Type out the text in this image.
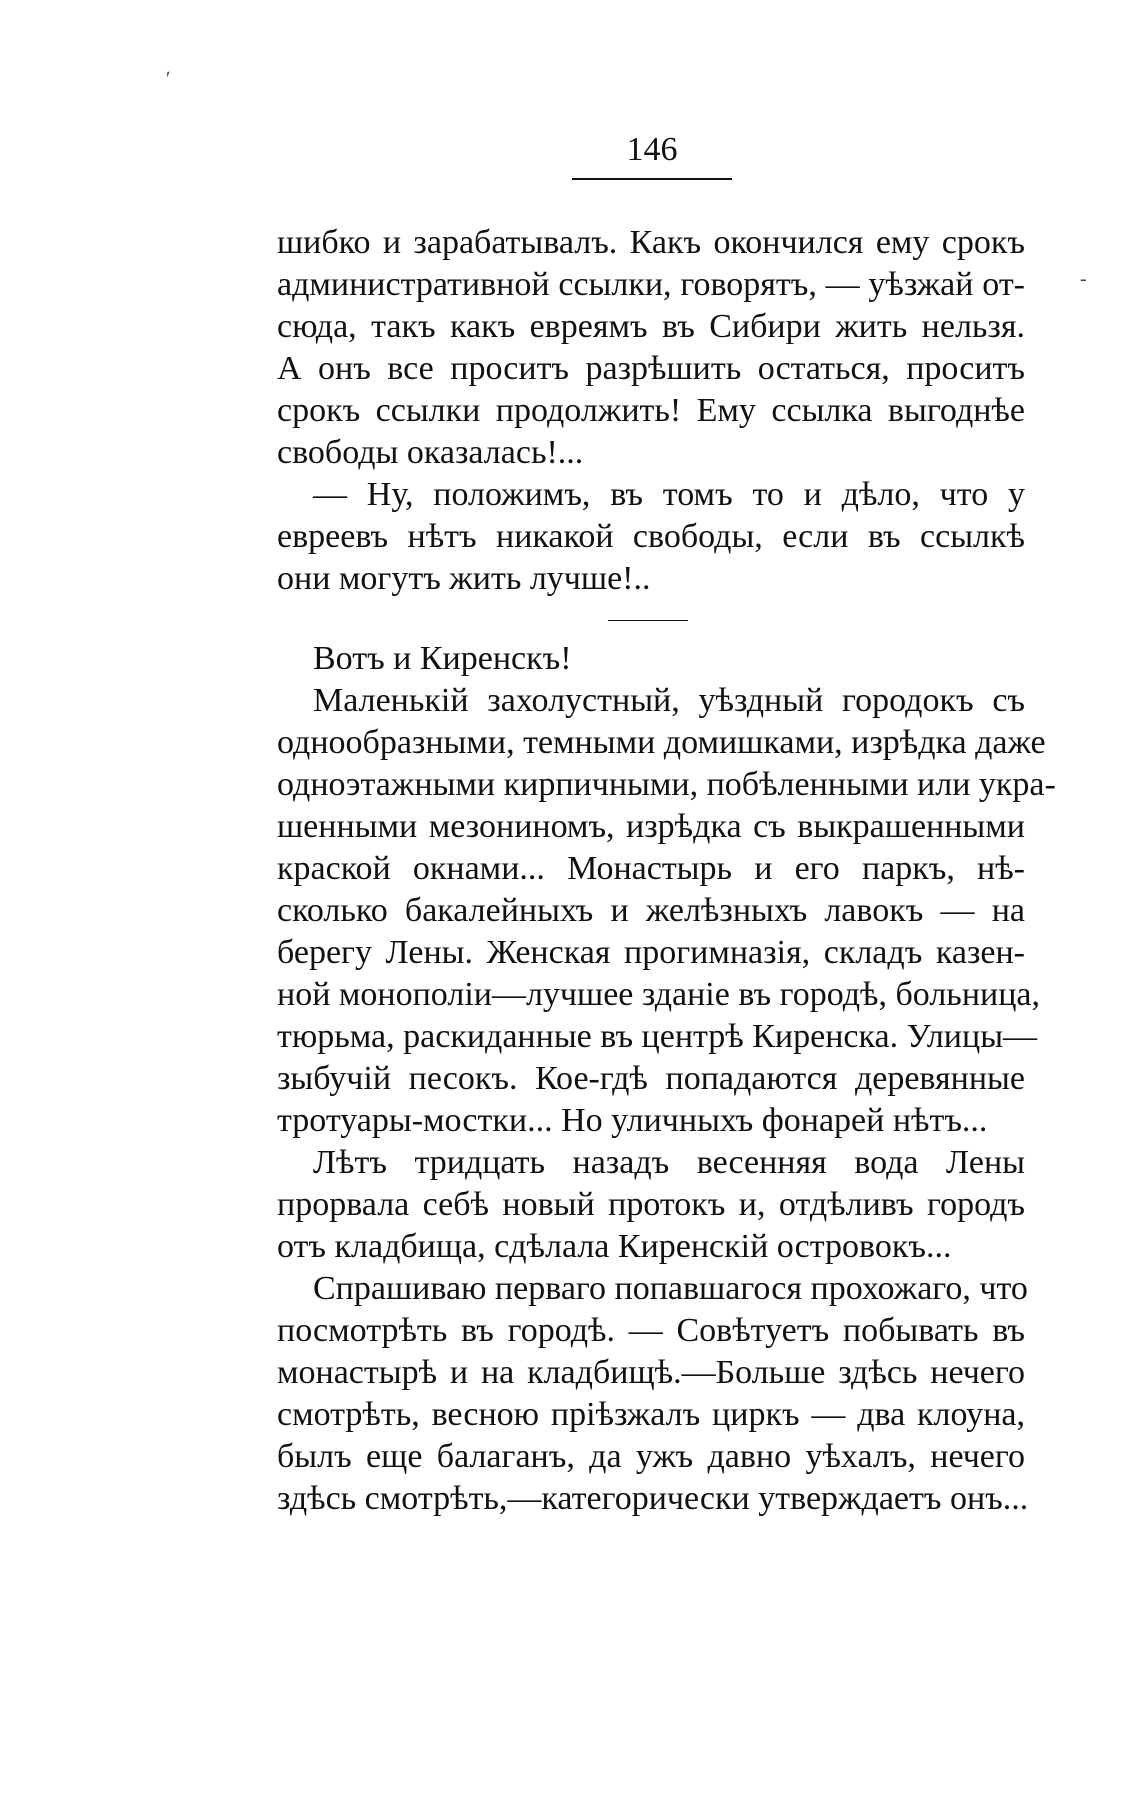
ʹ
-
146
шибко и зарабатывалъ. Какъ окончился ему срокъ
административной ссылки, говорятъ, — уѣзжай от-
сюда, такъ какъ евреямъ въ Сибири жить нельзя.
А онъ все проситъ разрѣшить остаться, проситъ
срокъ ссылки продолжить! Ему ссылка выгоднѣе
свободы оказалась!...
— Ну, положимъ, въ томъ то и дѣло, что у
евреевъ нѣтъ никакой свободы, если въ ссылкѣ
они могутъ жить лучше!..
Вотъ и Киренскъ!
Маленькій захолустный, уѣздный городокъ съ
однообразными, темными домишками, изрѣдка даже
одноэтажными кирпичными, побѣленными или укра-
шенными мезониномъ, изрѣдка съ выкрашенными
краской окнами... Монастырь и его паркъ, нѣ-
сколько бакалейныхъ и желѣзныхъ лавокъ — на
берегу Лены. Женская прогимназія, складъ казен-
ной монополіи—лучшее зданіе въ городѣ, больница,
тюрьма, раскиданные въ центрѣ Киренска. Улицы—
зыбучій песокъ. Кое-гдѣ попадаются деревянные
тротуары-мостки... Но уличныхъ фонарей нѣтъ...
Лѣтъ тридцать назадъ весенняя вода Лены
прорвала себѣ новый протокъ и, отдѣливъ городъ
отъ кладбища, сдѣлала Киренскій островокъ...
Спрашиваю перваго попавшагося прохожаго, что
посмотрѣть въ городѣ. — Совѣтуетъ побывать въ
монастырѣ и на кладбищѣ.—Больше здѣсь нечего
смотрѣть, весною пріѣзжалъ циркъ — два клоуна,
былъ еще балаганъ, да ужъ давно уѣхалъ, нечего
здѣсь смотрѣть,—категорически утверждаетъ онъ...
